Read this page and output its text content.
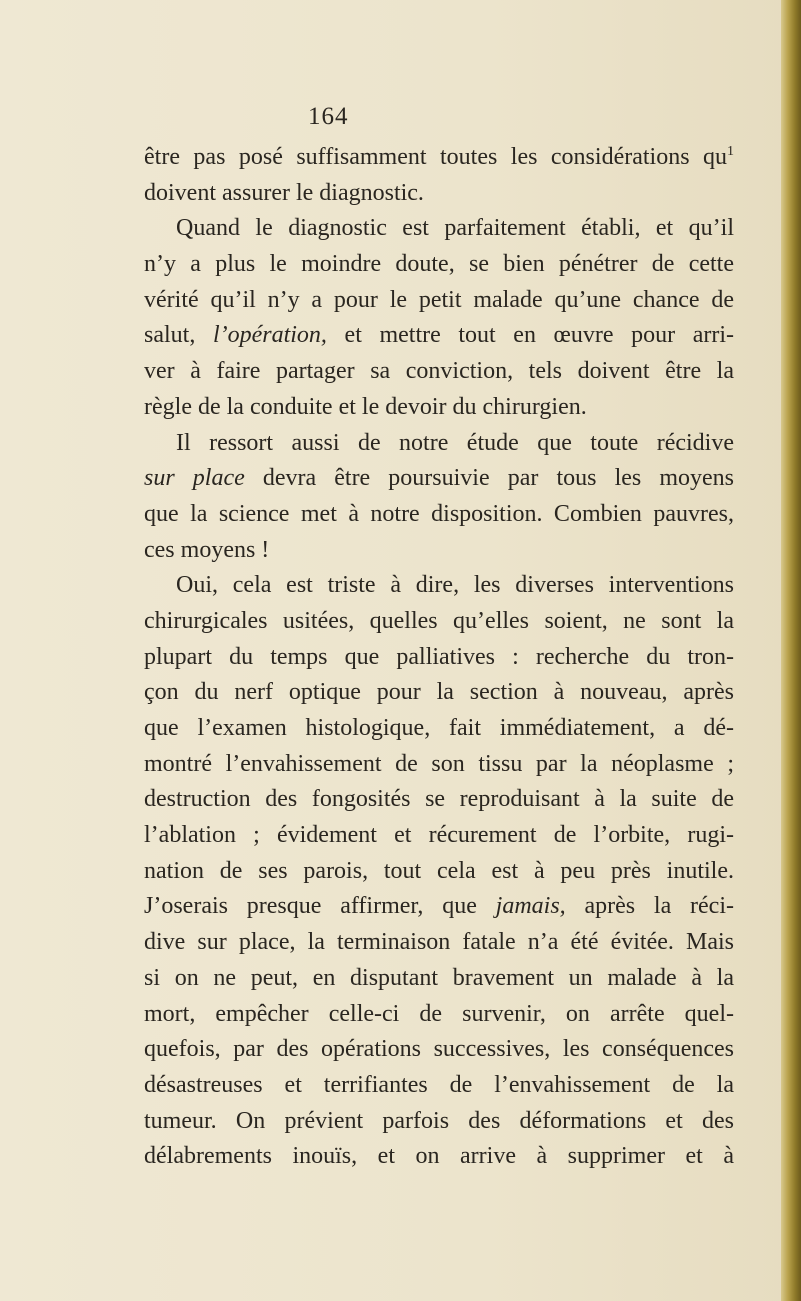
164
être pas posé suffisamment toutes les considérations $qu^1$
doivent assurer le diagnostic.
Quand le diagnostic est parfaitement établi, et qu’il
n’y a plus le moindre doute, se bien pénétrer de cette
vérité qu’il n’y a pour le petit malade qu’une chance de
salut, l’opération, et mettre tout en œuvre pour arri-
ver à faire partager sa conviction, tels doivent être la
règle de la conduite et le devoir du chirurgien.
Il ressort aussi de notre étude que toute récidive
sur place devra être poursuivie par tous les moyens
que la science met à notre disposition. Combien pauvres,
ces moyens !
Oui, cela est triste à dire, les diverses interventions
chirurgicales usitées, quelles qu’elles soient, ne sont la
plupart du temps que palliatives : recherche du tron-
çon du nerf optique pour la section à nouveau, après
que l’examen histologique, fait immédiatement, a dé-
montré l’envahissement de son tissu par la néoplasme ;
destruction des fongosités se reproduisant à la suite de
l’ablation ; évidement et récurement de l’orbite, rugi-
nation de ses parois, tout cela est à peu près inutile.
J’oserais presque affirmer, que jamais, après la réci-
dive sur place, la terminaison fatale n’a été évitée. Mais
si on ne peut, en disputant bravement un malade à la
mort, empêcher celle-ci de survenir, on arrête quel-
quefois, par des opérations successives, les conséquences
désastreuses et terrifiantes de l’envahissement de la
tumeur. On prévient parfois des déformations et des
délabrements inouïs, et on arrive à supprimer et à
